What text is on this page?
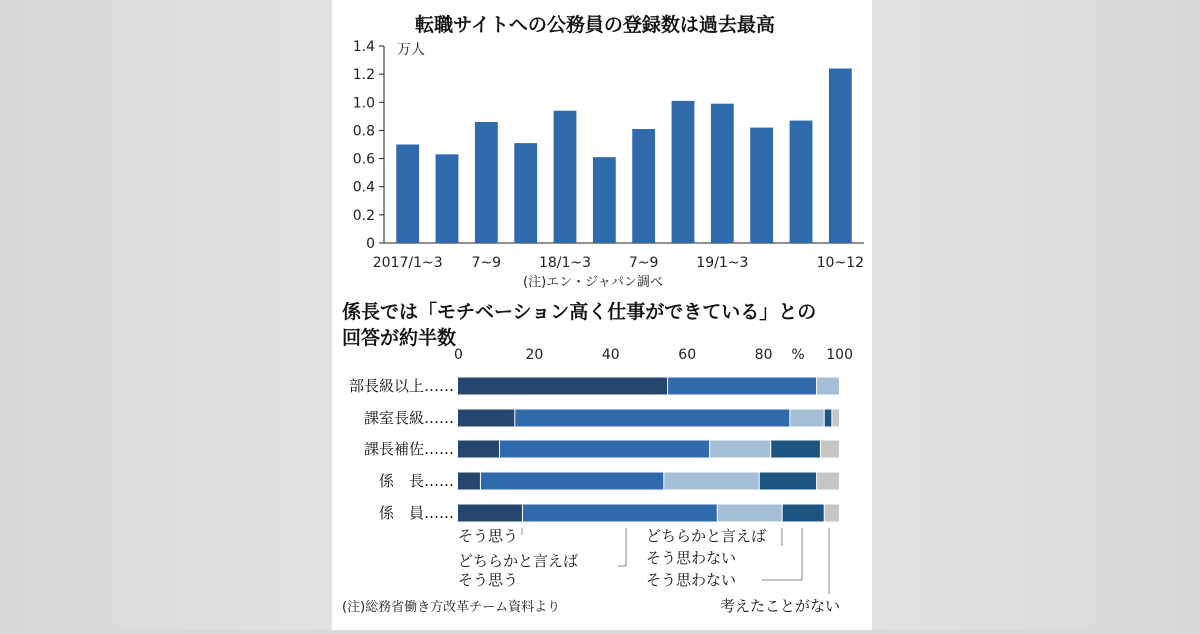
転職サイトへの公務員の登録数は過去最高
0
0.2
0.4
0.6
0.8
1.0
1.2
1.4 万人
2017/1~3 7~9	18/1~3	7~9	19/1~3	10~12
(注)エン・ジャパン調べ
係長では「モチベーション高く仕事ができている」との
回答が約半数
0	20	40	60	80	100
%
部長級以上……
課室長級……
課長補佐……
係　長……
係　員……
そう思う
どちらかと言えば
そう思う
どちらかと言えば
そう思わない
そう思わない
考えたことがない
(注)総務省働き方改革チーム資料より
